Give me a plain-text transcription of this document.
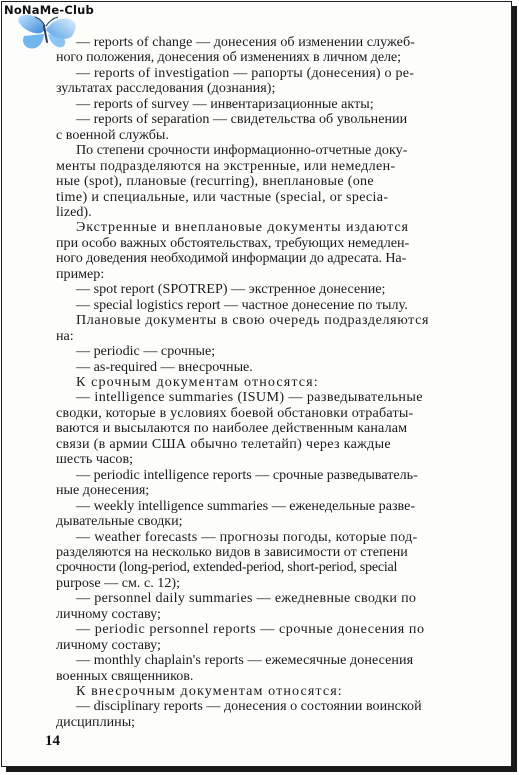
NoNaMe-Club
— reports of change — донесения об изменении служеб-
ного положения, донесения об изменениях в личном деле;
— reports of investigation — рапорты (донесения) о ре-
зультатах расследования (дознания);
— reports of survey — инвентаризационные акты;
— reports of separation — свидетельства об увольнении
с военной службы.
По степени срочности информационно-отчетные доку-
менты подразделяются на экстренные, или немедлен-
ные (spot), плановые (recurring), внеплановые (one
time) и специальные, или частные (special, or specia-
lized).
Экстренные и внеплановые документы издаются
при особо важных обстоятельствах, требующих немедлен-
ного доведения необходимой информации до адресата. На-
пример:
— spot report (SPOTREP) — экстренное донесение;
— special logistics report — частное донесение по тылу.
Плановые документы в свою очередь подразделяются
на:
— periodic — срочные;
— as-required — внесрочные.
К срочным документам относятся:
— intelligence summaries (ISUM) — разведывательные
сводки, которые в условиях боевой обстановки отрабаты-
ваются и высылаются по наиболее действенным каналам
связи (в армии США обычно телетайп) через каждые
шесть часов;
— periodic intelligence reports — срочные разведыватель-
ные донесения;
— weekly intelligence summaries — еженедельные разве-
дывательные сводки;
— weather forecasts — прогнозы погоды, которые под-
разделяются на несколько видов в зависимости от степени
срочности (long-period, extended-period, short-period, special
purpose — см. с. 12);
— personnel daily summaries — ежедневные сводки по
личному составу;
— periodic personnel reports — срочные донесения по
личному составу;
— monthly chaplain's reports — ежемесячные донесения
военных священников.
К внесрочным документам относятся:
— disciplinary reports — донесения о состоянии воинской
дисциплины;
14
